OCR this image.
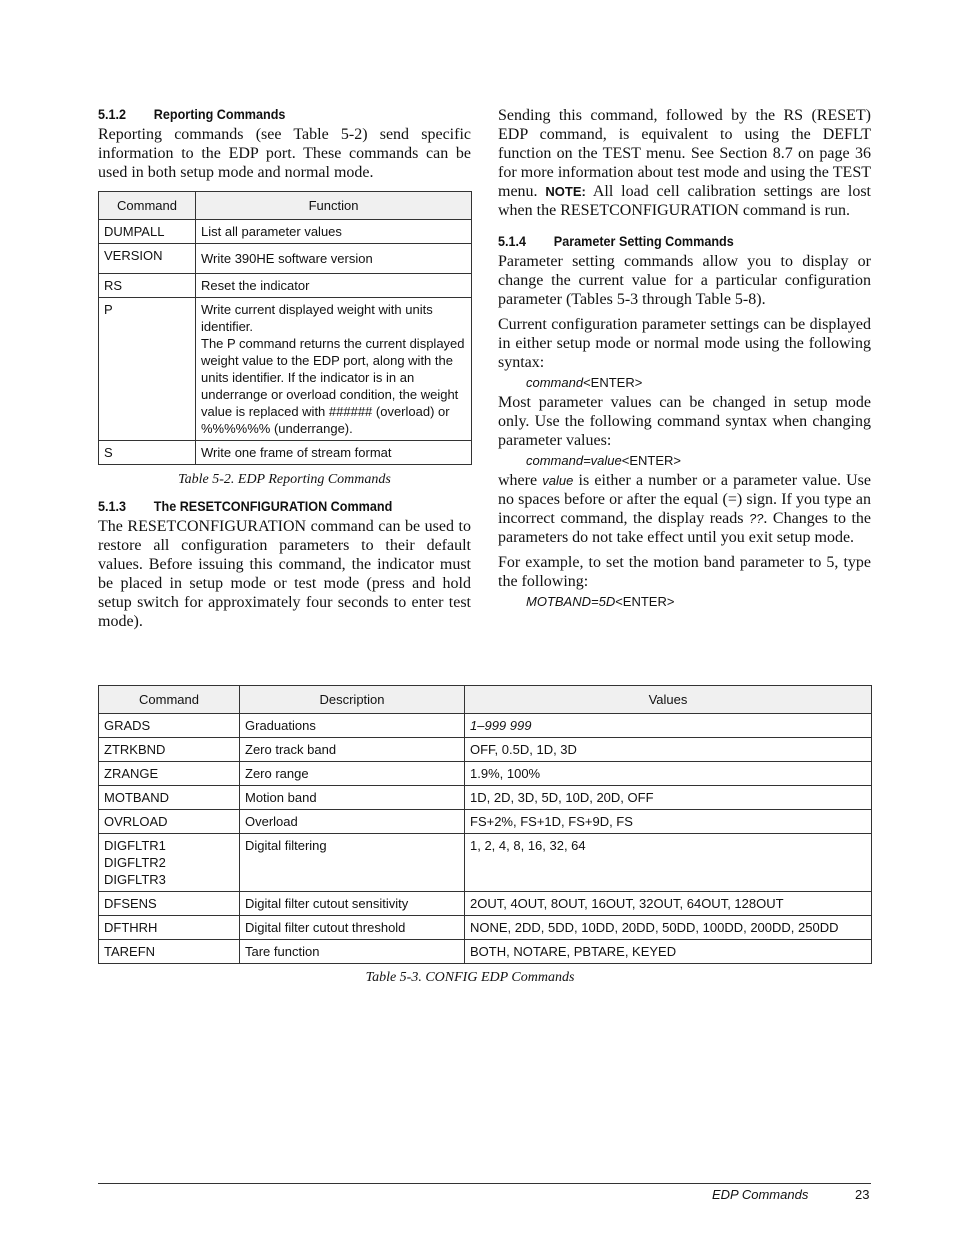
5.1.2	Reporting Commands

Reporting commands (see Table 5-2) send specific information to the EDP port. These commands can be used in both setup mode and normal mode.

Command	Function
DUMPALL	List all parameter values
VERSION	Write 390HE software version
RS	Reset the indicator
P	Write current displayed weight with units identifier.
The P command returns the current displayed weight value to the EDP port, along with the units identifier. If the indicator is in an underrange or overload condition, the weight value is replaced with ###### (overload) or %%%%%% (underrange).

S	Write one frame of stream format
Table 5-2. EDP Reporting Commands
5.1.3	The RESETCONFIGURATION Command

The RESETCONFIGURATION command can be used to restore all configuration parameters to their default values. Before issuing this command, the indicator must be placed in setup mode or test mode (press and hold setup switch for approximately four seconds to enter test mode).

Sending this command, followed by the RS (RESET) EDP command, is equivalent to using the DEFLT function on the TEST menu. See Section 8.7 on page 36 for more information about test mode and using the TEST menu. NOTE: All load cell calibration settings are lost when the RESETCONFIGURATION command is run.

5.1.4	Parameter Setting Commands

Parameter setting commands allow you to display or change the current value for a particular configuration parameter (Tables 5-3 through Table 5-8).

Current configuration parameter settings can be displayed in either setup mode or normal mode using the following syntax:

command<ENTER>

Most parameter values can be changed in setup mode only. Use the following command syntax when changing parameter values:

command=value<ENTER>

where value is either a number or a parameter value. Use no spaces before or after the equal (=) sign. If you type an incorrect command, the display reads ??. Changes to the parameters do not take effect until you exit setup mode.

For example, to set the motion band parameter to 5, type the following:

MOTBAND=5D<ENTER>
Command	Description	Values
GRADS	Graduations	1–999 999
ZTRKBND	Zero track band	OFF, 0.5D, 1D, 3D
ZRANGE	Zero range	1.9%, 100%
MOTBAND	Motion band	1D, 2D, 3D, 5D, 10D, 20D, OFF
OVRLOAD	Overload	FS+2%, FS+1D, FS+9D, FS

DIGFLTR1
DIGFLTR2
DIGFLTR3	Digital filtering	1, 2, 4, 8, 16, 32, 64
DFSENS	Digital filter cutout sensitivity	2OUT, 4OUT, 8OUT, 16OUT, 32OUT, 64OUT, 128OUT
DFTHRH	Digital filter cutout threshold	NONE, 2DD, 5DD, 10DD, 20DD, 50DD, 100DD, 200DD, 250DD
TAREFN	Tare function	BOTH, NOTARE, PBTARE, KEYED
Table 5-3. CONFIG EDP Commands
EDP Commands	23
